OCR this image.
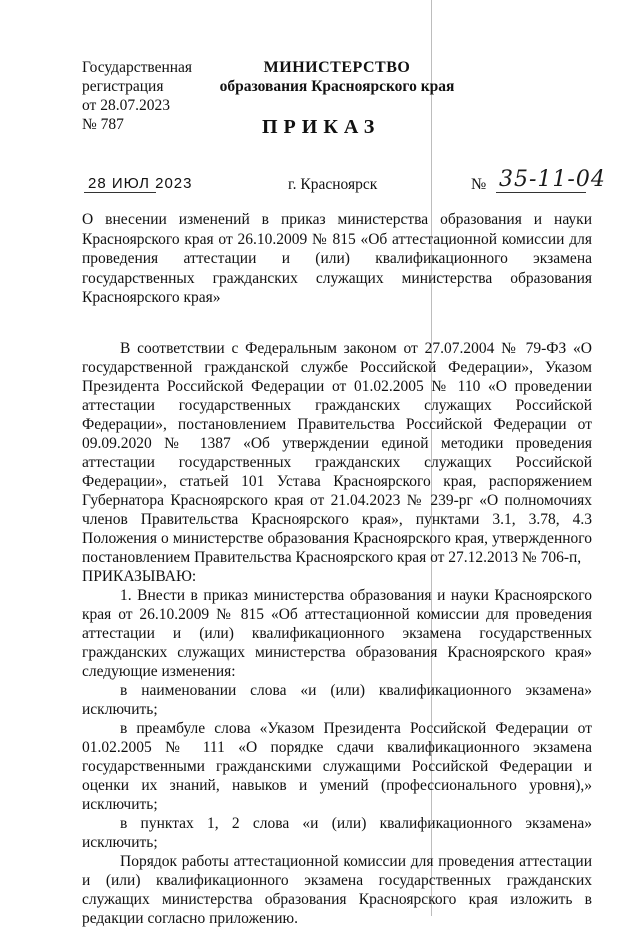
Государственная
регистрация
от 28.07.2023
№ 787
МИНИСТЕРСТВО
образования Красноярского края
ПРИКАЗ
28 ИЮЛ 2023	г. Красноярск	№ 35-11-04
О внесении изменений в приказ министерства образования и науки Красноярского края от 26.10.2009 № 815 «Об аттестационной комиссии для проведения аттестации и (или) квалификационного экзамена государственных гражданских служащих министерства образования Красноярского края»

В соответствии с Федеральным законом от 27.07.2004 № 79-ФЗ «О государственной гражданской службе Российской Федерации», Указом Президента Российской Федерации от 01.02.2005 № 110 «О проведении аттестации государственных гражданских служащих Российской Федерации», постановлением Правительства Российской Федерации от 09.09.2020 № 1387 «Об утверждении единой методики проведения аттестации государственных гражданских служащих Российской Федерации», статьей 101 Устава Красноярского края, распоряжением Губернатора Красноярского края от 21.04.2023 № 239-рг «О полномочиях членов Правительства Красноярского края», пунктами 3.1, 3.78, 4.3 Положения о министерстве образования Красноярского края, утвержденного постановлением Правительства Красноярского края от 27.12.2013 № 706-п,

ПРИКАЗЫВАЮ:

1. Внести в приказ министерства образования и науки Красноярского края от 26.10.2009 № 815 «Об аттестационной комиссии для проведения аттестации и (или) квалификационного экзамена государственных гражданских служащих министерства образования Красноярского края» следующие изменения:

в наименовании слова «и (или) квалификационного экзамена» исключить;

в преамбуле слова «Указом Президента Российской Федерации от 01.02.2005 № 111 «О порядке сдачи квалификационного экзамена государственными гражданскими служащими Российской Федерации и оценки их знаний, навыков и умений (профессионального уровня),» исключить;

в пунктах 1, 2 слова «и (или) квалификационного экзамена» исключить;

Порядок работы аттестационной комиссии для проведения аттестации и (или) квалификационного экзамена государственных гражданских служащих министерства образования Красноярского края изложить в редакции согласно приложению.
